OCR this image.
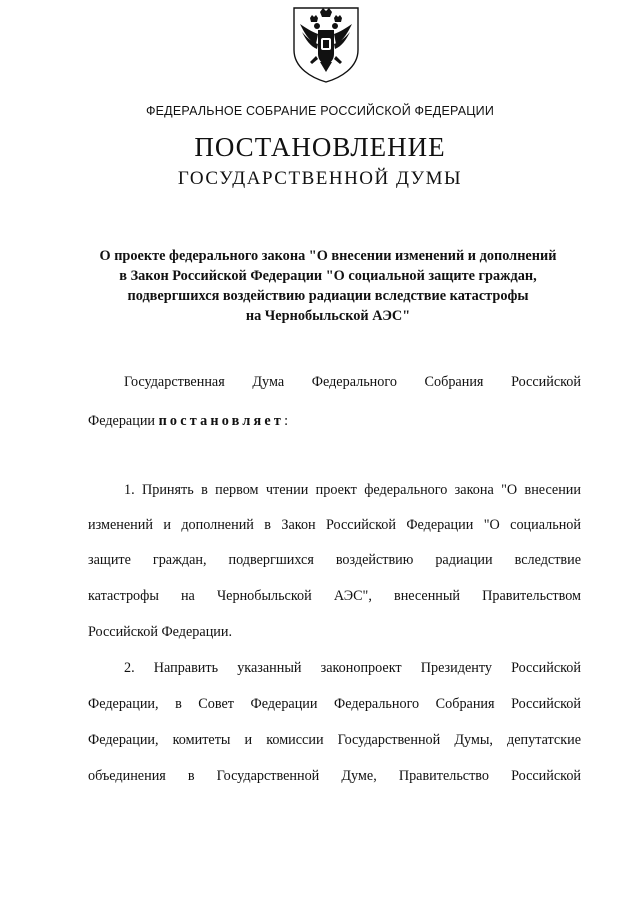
ФЕДЕРАЛЬНОЕ СОБРАНИЕ РОССИЙСКОЙ ФЕДЕРАЦИИ
ПОСТАНОВЛЕНИЕ
ГОСУДАРСТВЕННОЙ ДУМЫ
О проекте федерального закона "О внесении изменений и дополнений
в Закон Российской Федерации "О социальной защите граждан,
подвергшихся воздействию радиации вследствие катастрофы
на Чернобыльской АЭС"
Государственная Дума Федерального Собрания Российской
Федерации постановляет:
1. Принять в первом чтении проект федерального закона "О внесении
изменений и дополнений в Закон Российской Федерации "О социальной
защите граждан, подвергшихся воздействию радиации вследствие
катастрофы на Чернобыльской АЭС", внесенный Правительством
Российской Федерации.
2. Направить указанный законопроект Президенту Российской
Федерации, в Совет Федерации Федерального Собрания Российской
Федерации, комитеты и комиссии Государственной Думы, депутатские
объединения в Государственной Думе, Правительство Российской
